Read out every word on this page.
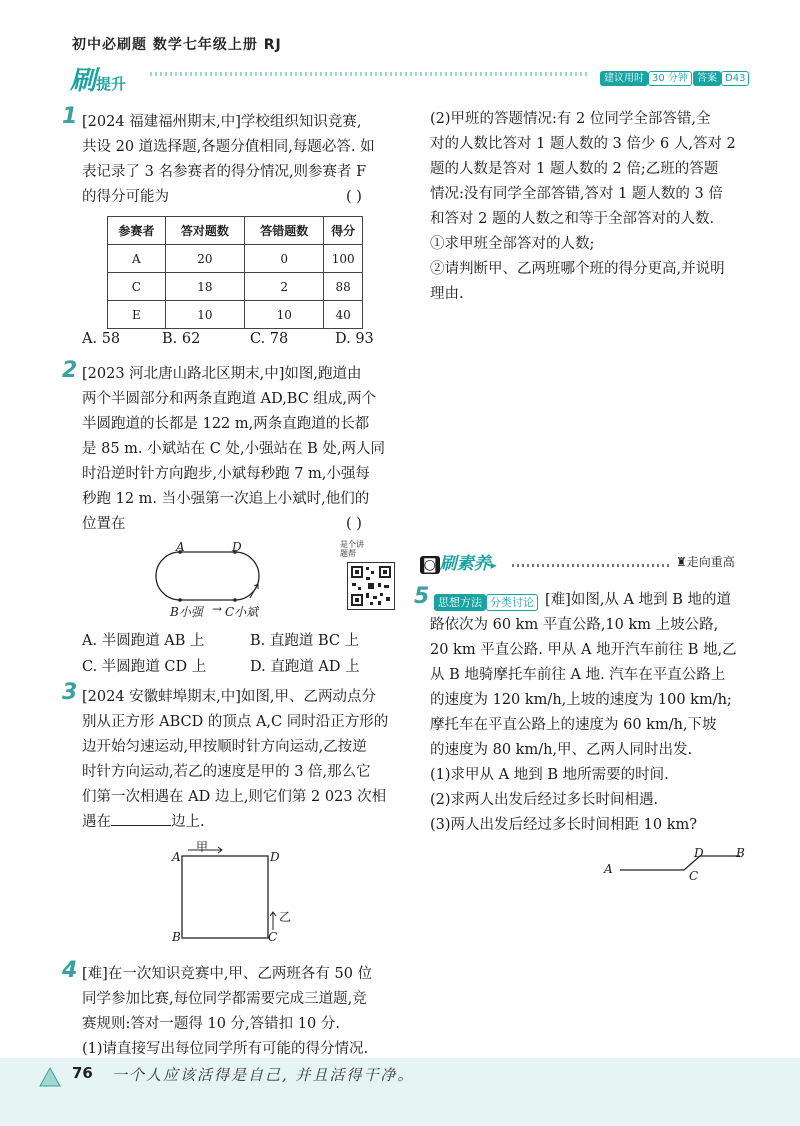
初中必刷题 数学七年级上册 RJ
刷提升	建议用时 30 分钟 答案 D43
1 [2024 福建福州期末,中]学校组织知识竞赛,
共设 20 道选择题,各题分值相同,每题必答. 如
表记录了 3 名参赛者的得分情况,则参赛者 F
的得分可能为	( )
参赛者	答对题数	答错题数	得分
A	20	0	100
C	18	2	88
E	10	10	40
A. 58	B. 62	C. 78	D. 93
2 [2023 河北唐山路北区期末,中]如图,跑道由
两个半圆部分和两条直跑道 AD,BC 组成,两个
半圆跑道的长都是 122 m,两条直跑道的长都
是 85 m. 小斌站在 C 处,小强站在 B 处,两人同
时沿逆时针方向跑步,小斌每秒跑 7 m,小强每
秒跑 12 m. 当小强第一次追上小斌时,他们的
位置在	( )
A	D
B小强 → C小斌
是个讲题帮
A. 半圆跑道 AB 上	B. 直跑道 BC 上
C. 半圆跑道 CD 上	D. 直跑道 AD 上
3 [2024 安徽蚌埠期末,中]如图,甲、乙两动点分
别从正方形 ABCD 的顶点 A,C 同时沿正方形的
边开始匀速运动,甲按顺时针方向运动,乙按逆
时针方向运动,若乙的速度是甲的 3 倍,那么它
们第一次相遇在 AD 边上,则它们第 2 023 次相
遇在	边上.
A
甲
D
B	C
乙
4 [难]在一次知识竞赛中,甲、乙两班各有 50 位
同学参加比赛,每位同学都需要完成三道题,竞
赛规则:答对一题得 10 分,答错扣 10 分.
(1)请直接写出每位同学所有可能的得分情况.
(2)甲班的答题情况:有 2 位同学全部答错,全
对的人数比答对 1 题人数的 3 倍少 6 人,答对 2
题的人数是答对 1 题人数的 2 倍;乙班的答题
情况:没有同学全部答错,答对 1 题人数的 3 倍
和答对 2 题的人数之和等于全部答对的人数.
①求甲班全部答对的人数;
②请判断甲、乙两班哪个班的得分更高,并说明
理由.
◙ 刷素养▸	♜走向重高
5 思想方法 分类讨论 [难]如图,从 A 地到 B 地的道
路依次为 60 km 平直公路,10 km 上坡公路,
20 km 平直公路. 甲从 A 地开汽车前往 B 地,乙
从 B 地骑摩托车前往 A 地. 汽车在平直公路上
的速度为 120 km/h,上坡的速度为 100 km/h;
摩托车在平直公路上的速度为 60 km/h,下坡
的速度为 80 km/h,甲、乙两人同时出发.
(1)求甲从 A 地到 B 地所需要的时间.
(2)求两人出发后经过多长时间相遇.
(3)两人出发后经过多长时间相距 10 km?
A	C
D	B
76 一个人应该活得是自己, 并且活得干净。
